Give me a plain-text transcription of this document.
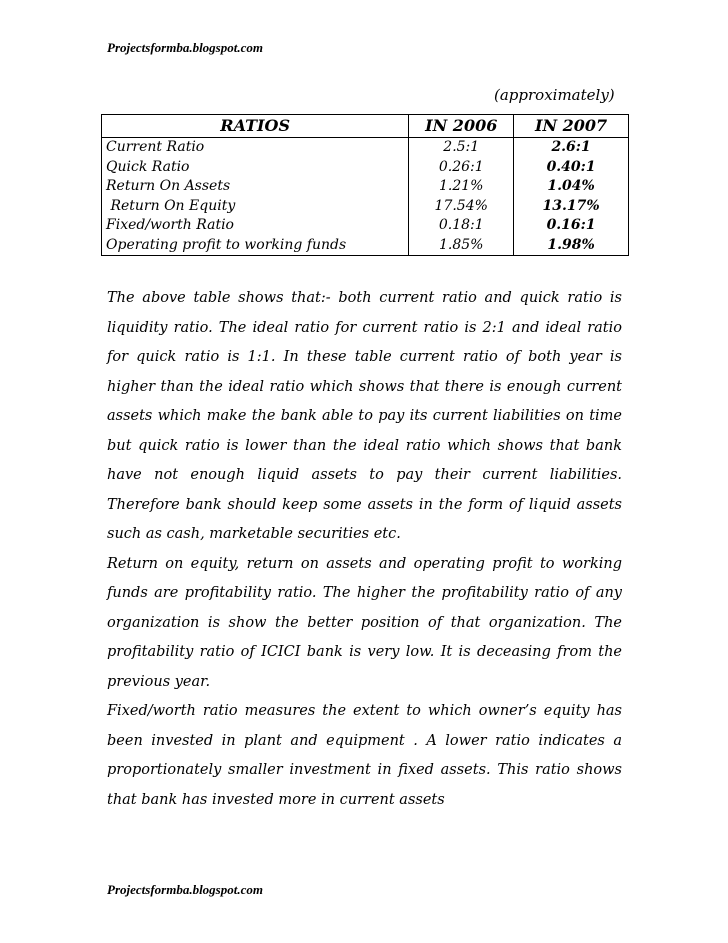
Projectsformba.blogspot.com
(approximately)
RATIOS	IN 2006	IN 2007
Current Ratio	2.5:1	2.6:1
Quick Ratio	0.26:1	0.40:1
Return On Assets	1.21%	1.04%
Return On Equity	17.54%	13.17%
Fixed/worth Ratio	0.18:1	0.16:1
Operating profit to working funds	1.85%	1.98%

The above table shows that:- both current ratio and quick ratio is liquidity ratio. The ideal ratio for current ratio is 2:1 and ideal ratio for quick ratio is 1:1. In these table current ratio of both year is higher than the ideal ratio which shows that there is enough current assets which make the bank able to pay its current liabilities on time but quick ratio is lower than the ideal ratio which shows that bank have not enough liquid assets to pay their current liabilities. Therefore bank should keep some assets in the form of liquid assets such as cash, marketable securities etc.

Return on equity, return on assets and operating profit to working funds are profitability ratio. The higher the profitability ratio of any organization is show the better position of that organization. The profitability ratio of ICICI bank is very low. It is deceasing from the previous year.

Fixed/worth ratio measures the extent to which owner’s equity has been invested in plant and equipment . A lower ratio indicates a proportionately smaller investment in fixed assets. This ratio shows that bank has invested more in current assets

Projectsformba.blogspot.com
